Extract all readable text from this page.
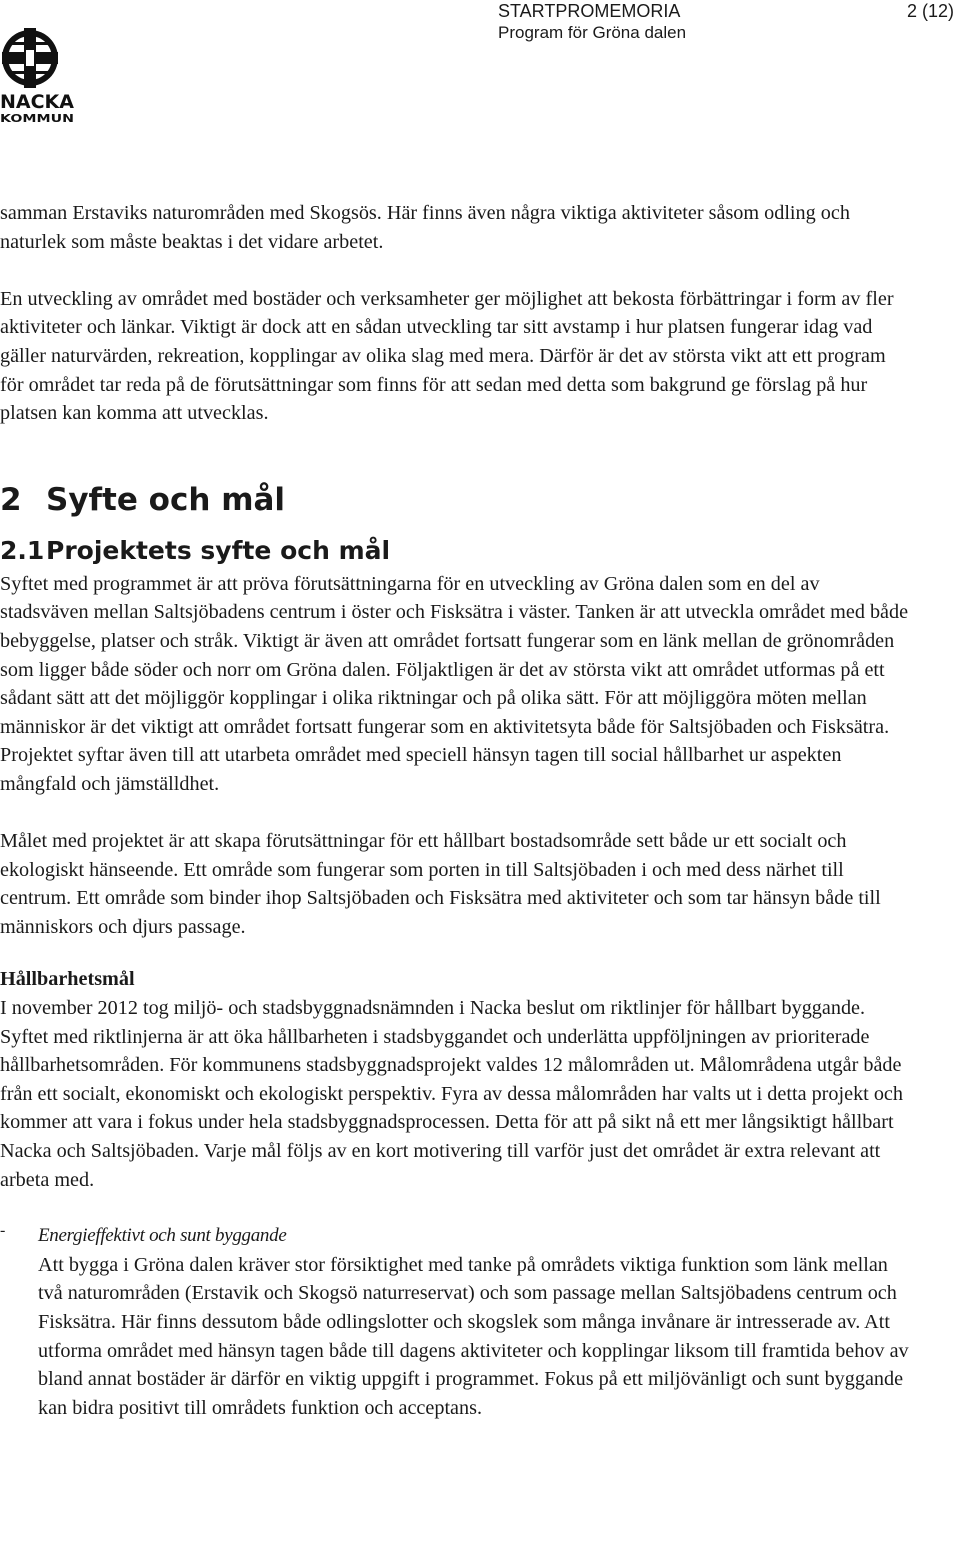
STARTPROMEMORIA	2 (12)
Program för Gröna dalen
NACKA
KOMMUN

samman Erstaviks naturområden med Skogsös. Här finns även några viktiga aktiviteter såsom odling och naturlek som måste beaktas i det vidare arbetet.

En utveckling av området med bostäder och verksamheter ger möjlighet att bekosta förbättringar i form av fler aktiviteter och länkar. Viktigt är dock att en sådan utveckling tar sitt avstamp i hur platsen fungerar idag vad gäller naturvärden, rekreation, kopplingar av olika slag med mera. Därför är det av största vikt att ett program för området tar reda på de förutsättningar som finns för att sedan med detta som bakgrund ge förslag på hur platsen kan komma att utvecklas.

2 Syfte och mål
2.1Projektets syfte och mål

Syftet med programmet är att pröva förutsättningarna för en utveckling av Gröna dalen som en del av stadsväven mellan Saltsjöbadens centrum i öster och Fisksätra i väster. Tanken är att utveckla området med både bebyggelse, platser och stråk. Viktigt är även att området fortsatt fungerar som en länk mellan de grönområden som ligger både söder och norr om Gröna dalen. Följaktligen är det av största vikt att området utformas på ett sådant sätt att det möjliggör kopplingar i olika riktningar och på olika sätt. För att möjliggöra möten mellan människor är det viktigt att området fortsatt fungerar som en aktivitetsyta både för Saltsjöbaden och Fisksätra. Projektet syftar även till att utarbeta området med speciell hänsyn tagen till social hållbarhet ur aspekten mångfald och jämställdhet.

Målet med projektet är att skapa förutsättningar för ett hållbart bostadsområde sett både ur ett socialt och ekologiskt hänseende. Ett område som fungerar som porten in till Saltsjöbaden i och med dess närhet till centrum. Ett område som binder ihop Saltsjöbaden och Fisksätra med aktiviteter och som tar hänsyn både till människors och djurs passage.

Hållbarhetsmål

I november 2012 tog miljö- och stadsbyggnadsnämnden i Nacka beslut om riktlinjer för hållbart byggande. Syftet med riktlinjerna är att öka hållbarheten i stadsbyggandet och underlätta uppföljningen av prioriterade hållbarhetsområden. För kommunens stadsbyggnadsprojekt valdes 12 målområden ut. Målområdena utgår både från ett socialt, ekonomiskt och ekologiskt perspektiv. Fyra av dessa målområden har valts ut i detta projekt och kommer att vara i fokus under hela stadsbyggnadsprocessen. Detta för att på sikt nå ett mer långsiktigt hållbart Nacka och Saltsjöbaden. Varje mål följs av en kort motivering till varför just det området är extra relevant att arbeta med.

- Energieffektivt och sunt byggande

Att bygga i Gröna dalen kräver stor försiktighet med tanke på områdets viktiga funktion som länk mellan två naturområden (Erstavik och Skogsö naturreservat) och som passage mellan Saltsjöbadens centrum och Fisksätra. Här finns dessutom både odlingslotter och skogslek som många invånare är intresserade av. Att utforma området med hänsyn tagen både till dagens aktiviteter och kopplingar liksom till framtida behov av bland annat bostäder är därför en viktig uppgift i programmet. Fokus på ett miljövänligt och sunt byggande kan bidra positivt till områdets funktion och acceptans.
